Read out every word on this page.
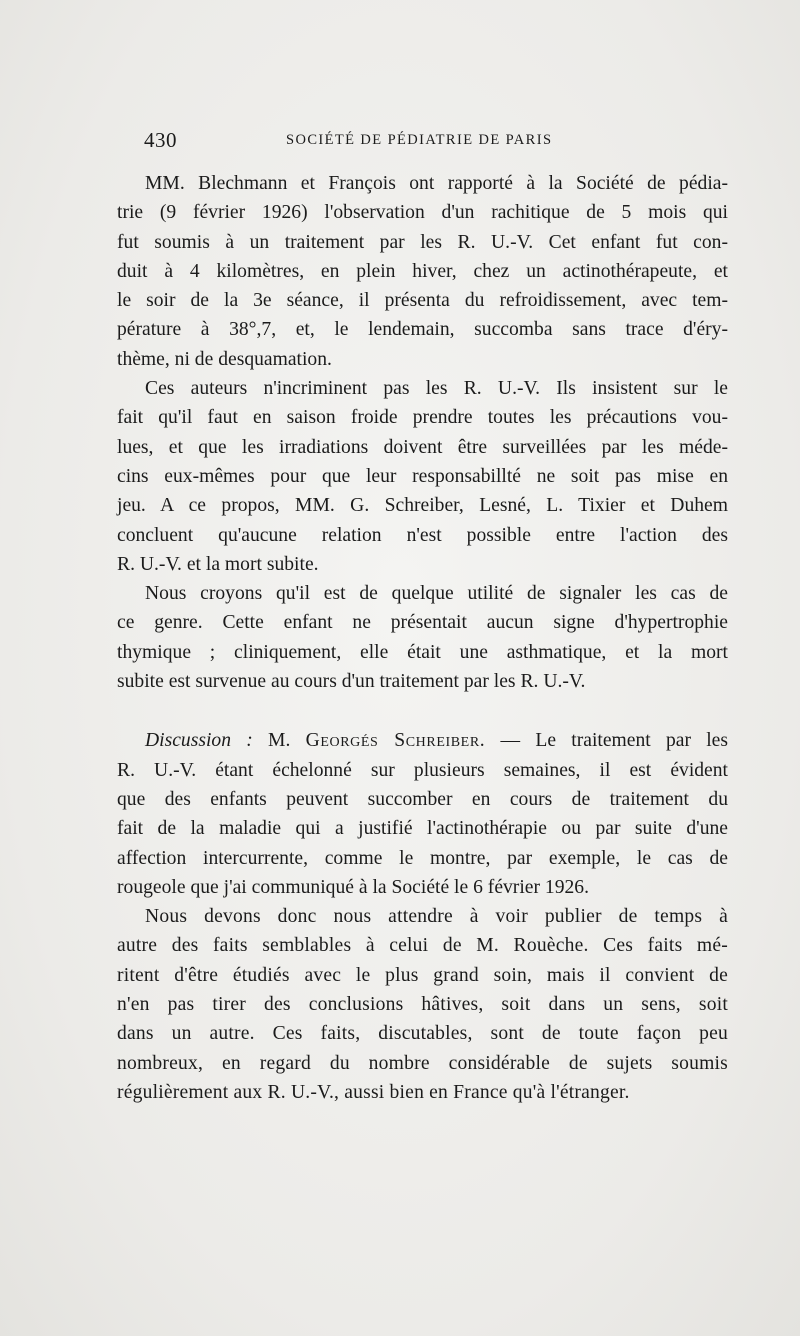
430	SOCIÉTÉ DE PÉDIATRIE DE PARIS
MM. Blechmann et François ont rapporté à la Société de pédia-
trie (9 février 1926) l'observation d'un rachitique de 5 mois qui
fut soumis à un traitement par les R. U.-V. Cet enfant fut con-
duit à 4 kilomètres, en plein hiver, chez un actinothérapeute, et
le soir de la 3e séance, il présenta du refroidissement, avec tem-
pérature à 38°,7, et, le lendemain, succomba sans trace d'éry-
thème, ni de desquamation.
Ces auteurs n'incriminent pas les R. U.-V. Ils insistent sur le
fait qu'il faut en saison froide prendre toutes les précautions vou-
lues, et que les irradiations doivent être surveillées par les méde-
cins eux-mêmes pour que leur responsabillté ne soit pas mise en
jeu. A ce propos, MM. G. Schreiber, Lesné, L. Tixier et Duhem
concluent qu'aucune relation n'est possible entre l'action des
R. U.-V. et la mort subite.
Nous croyons qu'il est de quelque utilité de signaler les cas de
ce genre. Cette enfant ne présentait aucun signe d'hypertrophie
thymique ; cliniquement, elle était une asthmatique, et la mort
subite est survenue au cours d'un traitement par les R. U.-V.
Discussion : M. Georgés Schreiber. — Le traitement par les
R. U.-V. étant échelonné sur plusieurs semaines, il est évident
que des enfants peuvent succomber en cours de traitement du
fait de la maladie qui a justifié l'actinothérapie ou par suite d'une
affection intercurrente, comme le montre, par exemple, le cas de
rougeole que j'ai communiqué à la Société le 6 février 1926.
Nous devons donc nous attendre à voir publier de temps à
autre des faits semblables à celui de M. Rouèche. Ces faits mé-
ritent d'être étudiés avec le plus grand soin, mais il convient de
n'en pas tirer des conclusions hâtives, soit dans un sens, soit
dans un autre. Ces faits, discutables, sont de toute façon peu
nombreux, en regard du nombre considérable de sujets soumis
régulièrement aux R. U.-V., aussi bien en France qu'à l'étranger.
